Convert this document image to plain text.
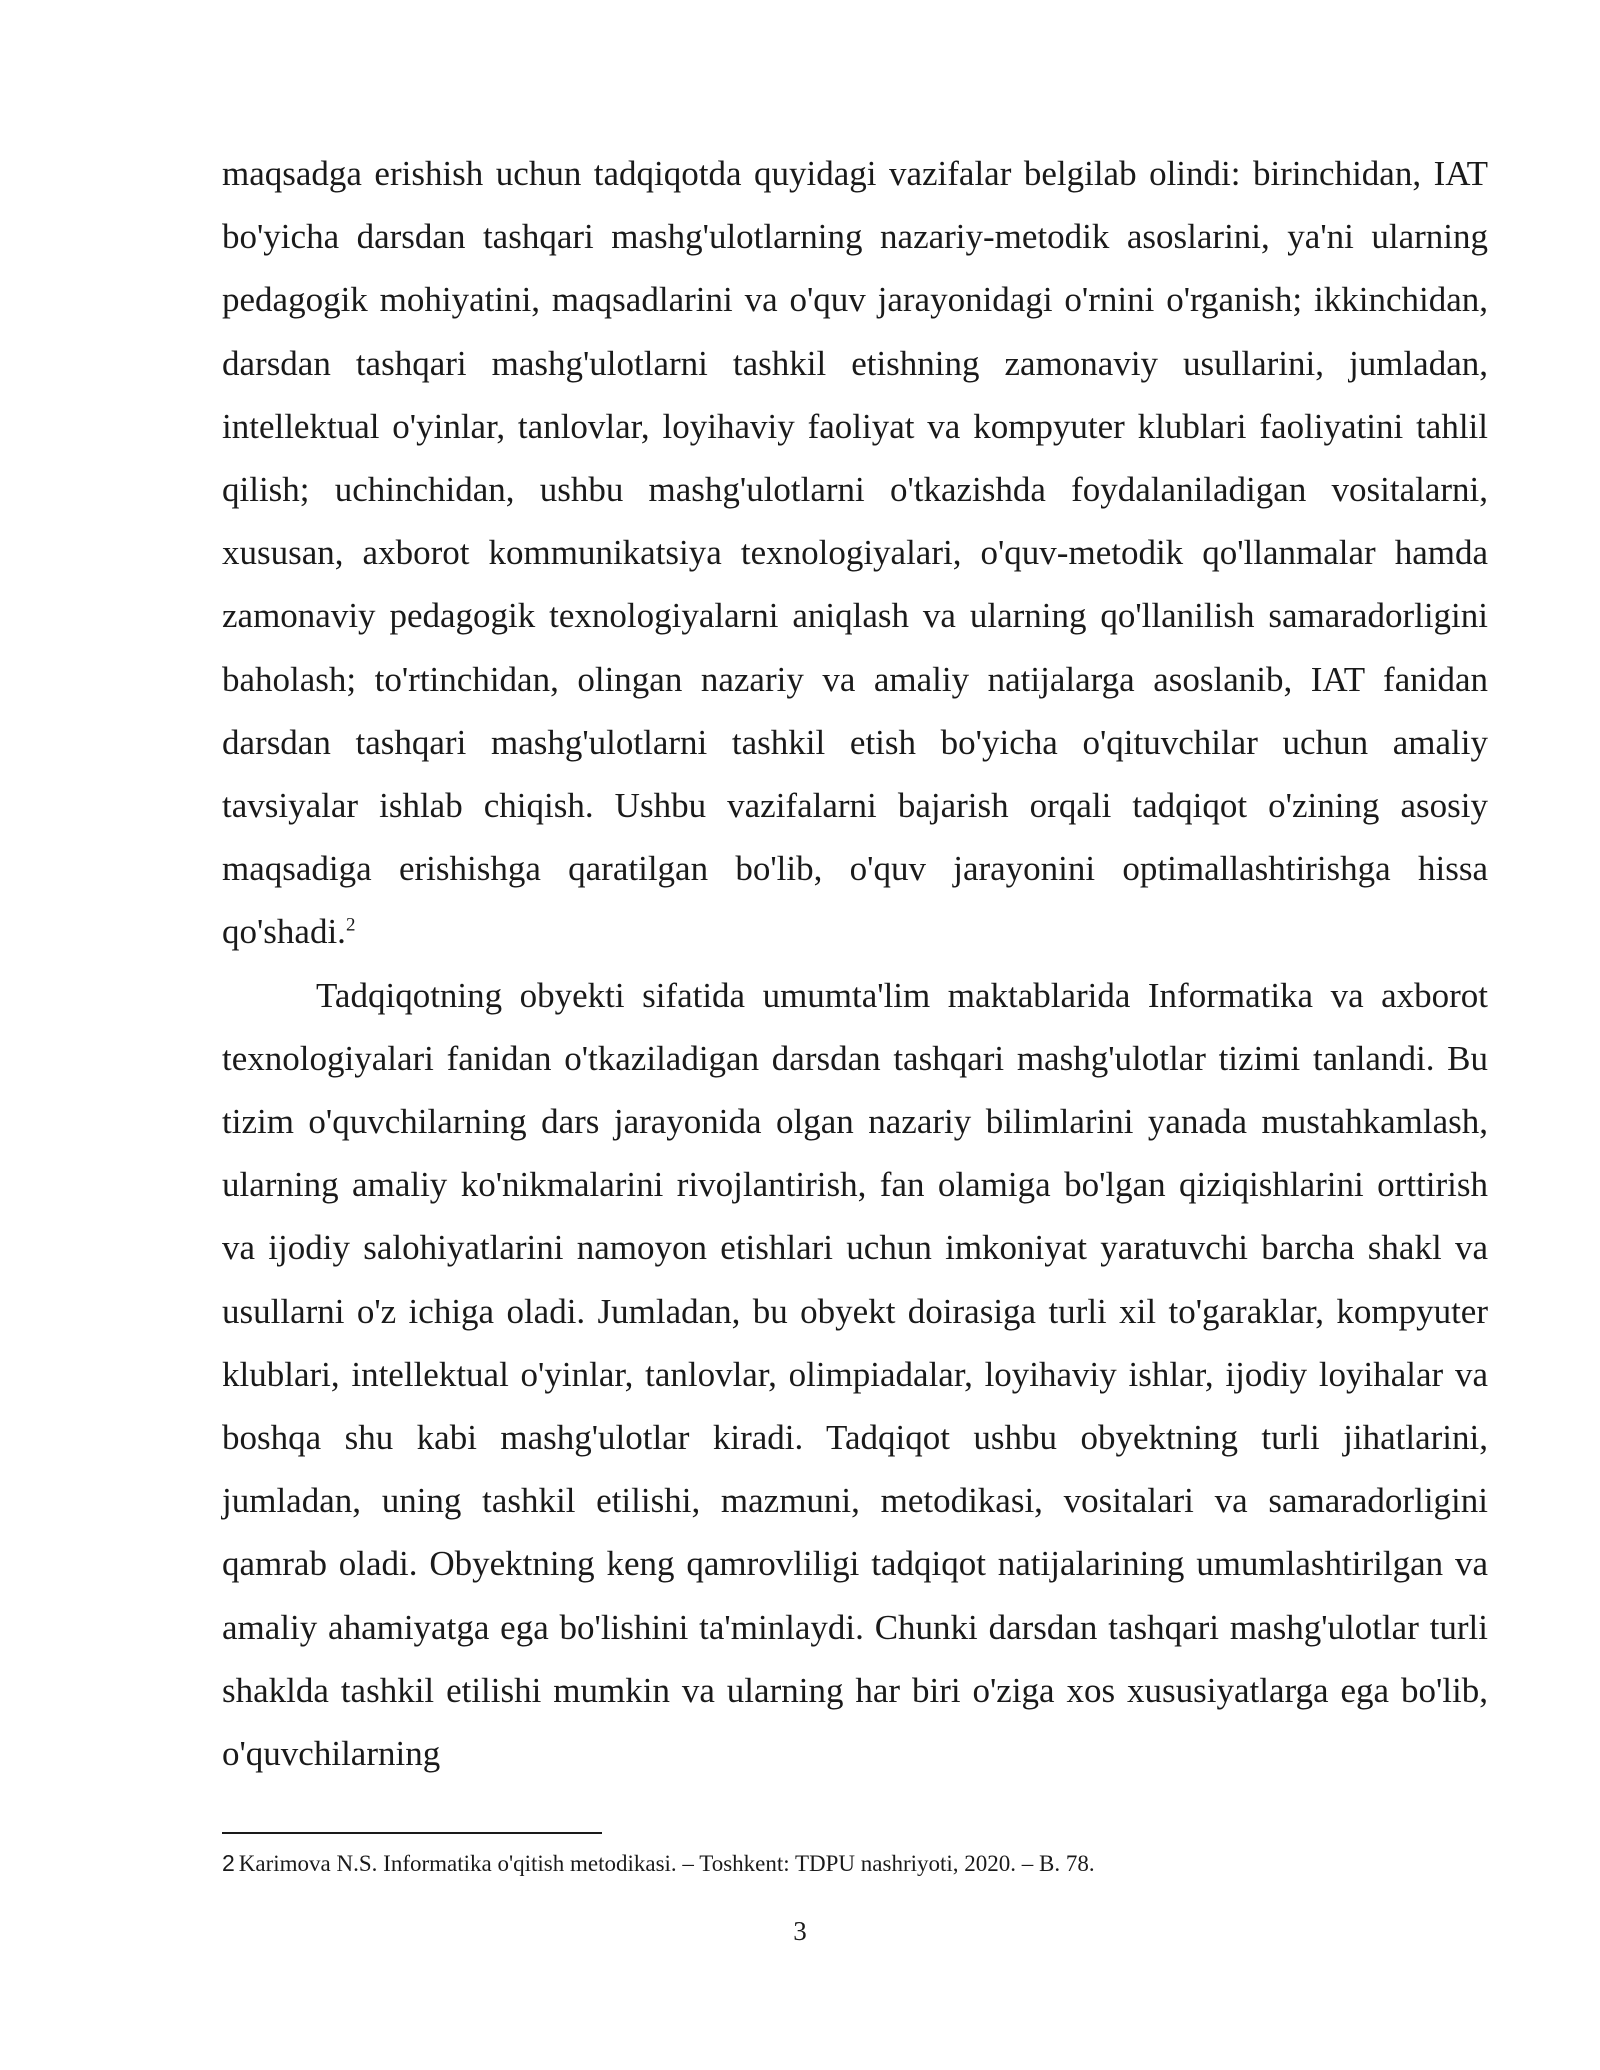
maqsadga erishish uchun tadqiqotda quyidagi vazifalar belgilab olindi: birinchidan, IAT bo'yicha darsdan tashqari mashg'ulotlarning nazariy-metodik asoslarini, ya'ni ularning pedagogik mohiyatini, maqsadlarini va o'quv jarayonidagi o'rnini o'rganish; ikkinchidan, darsdan tashqari mashg'ulotlarni tashkil etishning zamonaviy usullarini, jumladan, intellektual o'yinlar, tanlovlar, loyihaviy faoliyat va kompyuter klublari faoliyatini tahlil qilish; uchinchidan, ushbu mashg'ulotlarni o'tkazishda foydalaniladigan vositalarni, xususan, axborot kommunikatsiya texnologiyalari, o'quv-metodik qo'llanmalar hamda zamonaviy pedagogik texnologiyalarni aniqlash va ularning qo'llanilish samaradorligini baholash; to'rtinchidan, olingan nazariy va amaliy natijalarga asoslanib, IAT fanidan darsdan tashqari mashg'ulotlarni tashkil etish bo'yicha o'qituvchilar uchun amaliy tavsiyalar ishlab chiqish. Ushbu vazifalarni bajarish orqali tadqiqot o'zining asosiy maqsadiga erishishga qaratilgan bo'lib, o'quv jarayonini optimallashtirishga hissa qo'shadi.$^2$

Tadqiqotning obyekti sifatida umumta'lim maktablarida Informatika va axborot texnologiyalari fanidan o'tkaziladigan darsdan tashqari mashg'ulotlar tizimi tanlandi. Bu tizim o'quvchilarning dars jarayonida olgan nazariy bilimlarini yanada mustahkamlash, ularning amaliy ko'nikmalarini rivojlantirish, fan olamiga bo'lgan qiziqishlarini orttirish va ijodiy salohiyatlarini namoyon etishlari uchun imkoniyat yaratuvchi barcha shakl va usullarni o'z ichiga oladi. Jumladan, bu obyekt doirasiga turli xil to'garaklar, kompyuter klublari, intellektual o'yinlar, tanlovlar, olimpiadalar, loyihaviy ishlar, ijodiy loyihalar va boshqa shu kabi mashg'ulotlar kiradi. Tadqiqot ushbu obyektning turli jihatlarini, jumladan, uning tashkil etilishi, mazmuni, metodikasi, vositalari va samaradorligini qamrab oladi. Obyektning keng qamrovliligi tadqiqot natijalarining umumlashtirilgan va amaliy ahamiyatga ega bo'lishini ta'minlaydi. Chunki darsdan tashqari mashg'ulotlar turli shaklda tashkil etilishi mumkin va ularning har biri o'ziga xos xususiyatlarga ega bo'lib, o'quvchilarning

2 Karimova N.S. Informatika o'qitish metodikasi. – Toshkent: TDPU nashriyoti, 2020. – B. 78.

3
